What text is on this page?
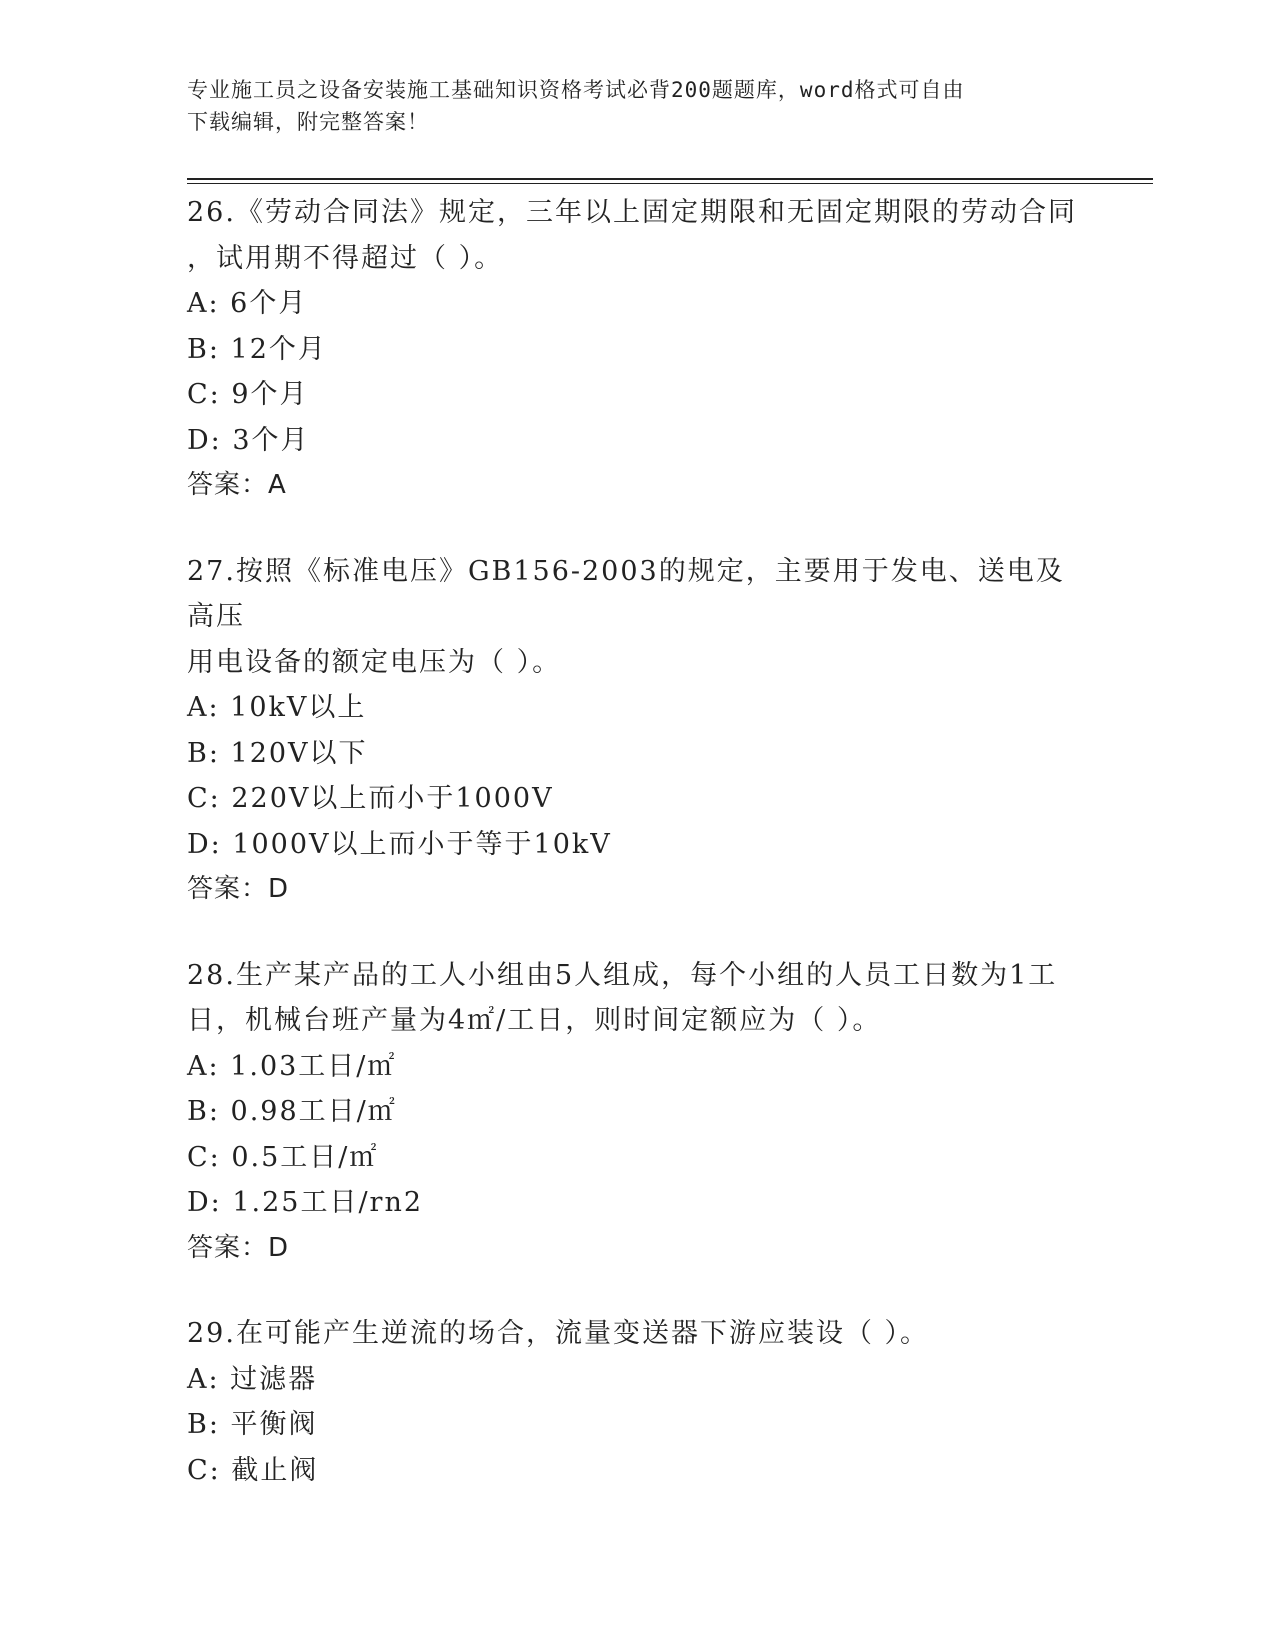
专业施工员之设备安装施工基础知识资格考试必背200题题库，word格式可自由
下载编辑，附完整答案！

26.《劳动合同法》规定，三年以上固定期限和无固定期限的劳动合同
，试用期不得超过（ ）。

A: 6个月
B: 12个月
C: 9个月
D: 3个月
答案：A

27.按照《标准电压》GB156-2003的规定，主要用于发电、送电及高压
用电设备的额定电压为（ ）。

A: 10kV以上
B: 120V以下
C: 220V以上而小于1000V
D: 1000V以上而小于等于10kV
答案：D

28.生产某产品的工人小组由5人组成，每个小组的人员工日数为1工
日，机械台班产量为4㎡/工日，则时间定额应为（ ）。

A: 1.03工日/㎡
B: 0.98工日/㎡
C: 0.5工日/㎡
D: 1.25工日/rn2
答案：D

29.在可能产生逆流的场合，流量变送器下游应装设（ ）。

A: 过滤器
B: 平衡阀
C: 截止阀
